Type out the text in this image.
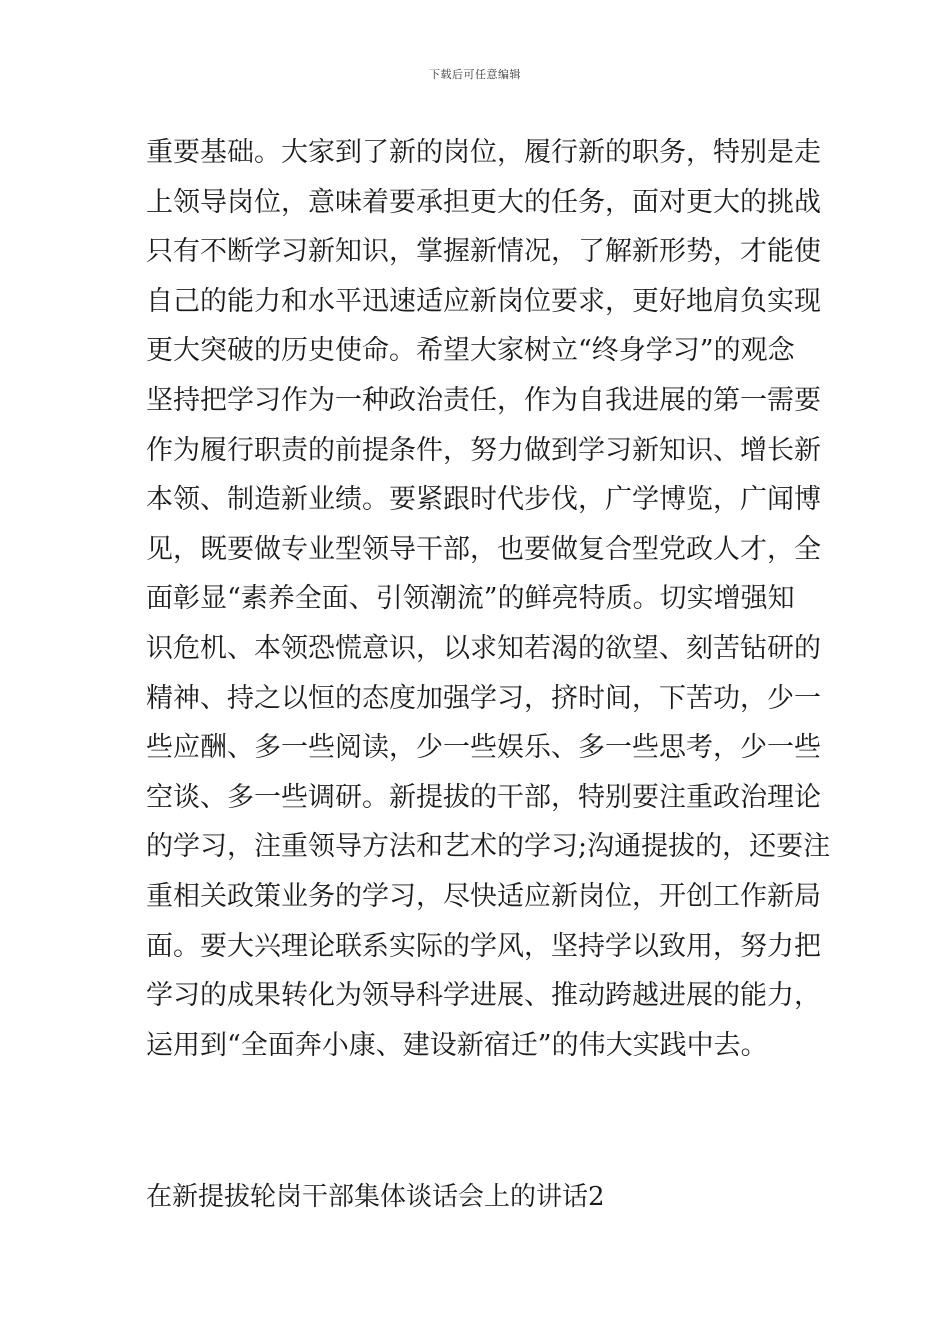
下载后可任意编辑
重要基础。大家到了新的岗位，履行新的职务，特别是走
上领导岗位，意味着要承担更大的任务，面对更大的挑战
只有不断学习新知识，掌握新情况，了解新形势，才能使
自己的能力和水平迅速适应新岗位要求，更好地肩负实现
更大突破的历史使命。希望大家树立“终身学习”的观念
坚持把学习作为一种政治责任，作为自我进展的第一需要
作为履行职责的前提条件，努力做到学习新知识、增长新
本领、制造新业绩。要紧跟时代步伐，广学博览，广闻博
见，既要做专业型领导干部，也要做复合型党政人才，全
面彰显“素养全面、引领潮流”的鲜亮特质。切实增强知
识危机、本领恐慌意识，以求知若渴的欲望、刻苦钻研的
精神、持之以恒的态度加强学习，挤时间，下苦功，少一
些应酬、多一些阅读，少一些娱乐、多一些思考，少一些
空谈、多一些调研。新提拔的干部，特别要注重政治理论
的学习，注重领导方法和艺术的学习;沟通提拔的，还要注
重相关政策业务的学习，尽快适应新岗位，开创工作新局
面。要大兴理论联系实际的学风，坚持学以致用，努力把
学习的成果转化为领导科学进展、推动跨越进展的能力，
运用到“全面奔小康、建设新宿迁”的伟大实践中去。
在新提拔轮岗干部集体谈话会上的讲话2
